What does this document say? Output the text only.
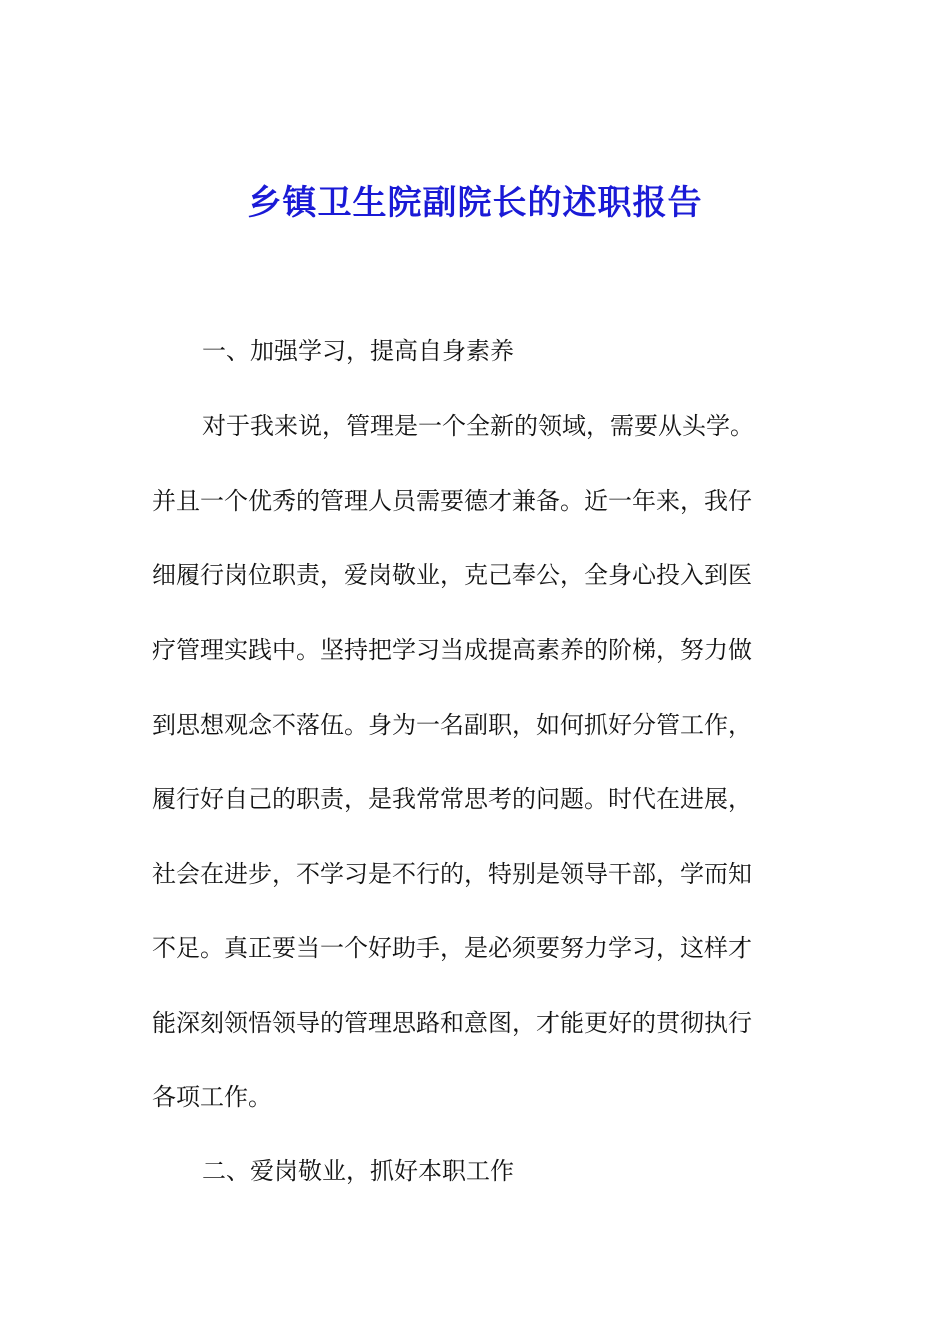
乡镇卫生院副院长的述职报告
一、加强学习，提高自身素养
对于我来说，管理是一个全新的领域，需要从头学。
并且一个优秀的管理人员需要德才兼备。近一年来，我仔
细履行岗位职责，爱岗敬业，克己奉公，全身心投入到医
疗管理实践中。坚持把学习当成提高素养的阶梯，努力做
到思想观念不落伍。身为一名副职，如何抓好分管工作，
履行好自己的职责，是我常常思考的问题。时代在进展，
社会在进步，不学习是不行的，特别是领导干部，学而知
不足。真正要当一个好助手，是必须要努力学习，这样才
能深刻领悟领导的管理思路和意图，才能更好的贯彻执行
各项工作。
二、爱岗敬业，抓好本职工作
